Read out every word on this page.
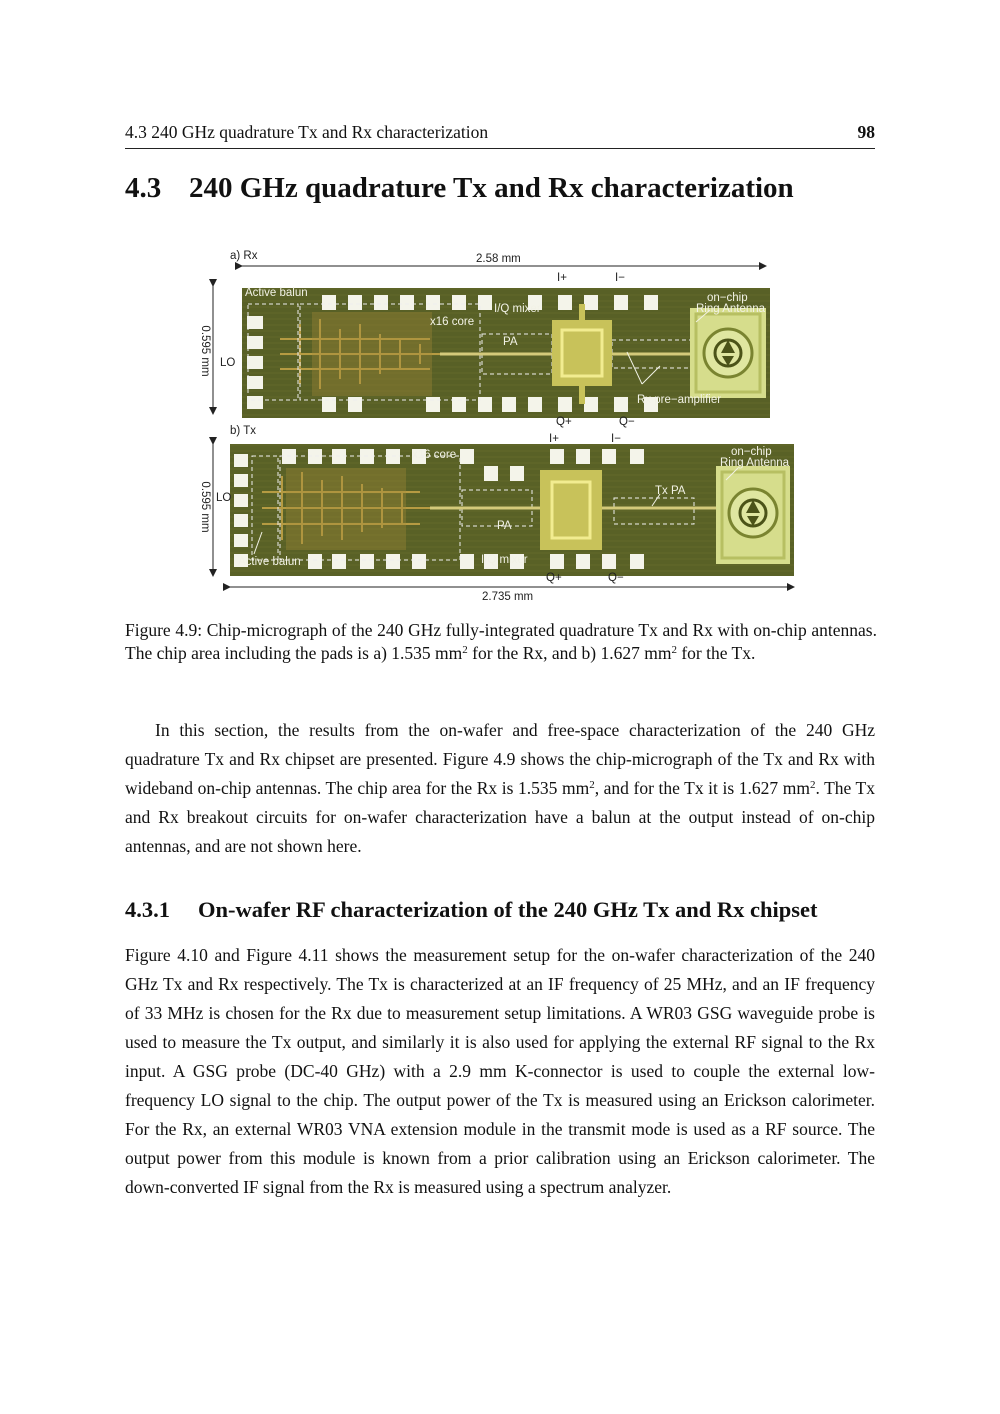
4.3 240 GHz quadrature Tx and Rx characterization	98
4.3 240 GHz quadrature Tx and Rx characterization
a) Rx	2.58 mm
0.595 mm LO
I+	I−
Q+	Q−
Active balun
x16 core
I/Q mixer
PA
on−chip
Ring Antenna
Rx pre−amplifier
b) Tx
I+	I−
0.595 mm LO
Q+	Q−
2.735 mm
x16 core	on−chip
Ring Antenna
Tx PA
PA
Active balun	I/Q mixer
Figure 4.9: Chip-micrograph of the 240 GHz fully-integrated quadrature Tx and Rx with on-chip antennas. The chip area including the pads is a) 1.535 $mm^2$ for the Rx, and b) 1.627 $mm^2$ for the Tx.
In this section, the results from the on-wafer and free-space characterization of the 240 GHz quadrature Tx and Rx chipset are presented. Figure 4.9 shows the chip-micrograph of the Tx and Rx with wideband on-chip antennas. The chip area for the Rx is 1.535 $mm^2$, and for the Tx it is 1.627 $mm^2$. The Tx and Rx breakout circuits for on-wafer characterization have a balun at the output instead of on-chip antennas, and are not shown here.
4.3.1 On-wafer RF characterization of the 240 GHz Tx and Rx chipset
Figure 4.10 and Figure 4.11 shows the measurement setup for the on-wafer characterization of the 240 GHz Tx and Rx respectively. The Tx is characterized at an IF frequency of 25 MHz, and an IF frequency of 33 MHz is chosen for the Rx due to measurement setup limitations. A WR03 GSG waveguide probe is used to measure the Tx output, and similarly it is also used for applying the external RF signal to the Rx input. A GSG probe (DC-40 GHz) with a 2.9 mm K-connector is used to couple the external low-frequency LO signal to the chip. The output power of the Tx is measured using an Erickson calorimeter. For the Rx, an external WR03 VNA extension module in the transmit mode is used as a RF source. The output power from this module is known from a prior calibration using an Erickson calorimeter. The down-converted IF signal from the Rx is measured using a spectrum analyzer.
